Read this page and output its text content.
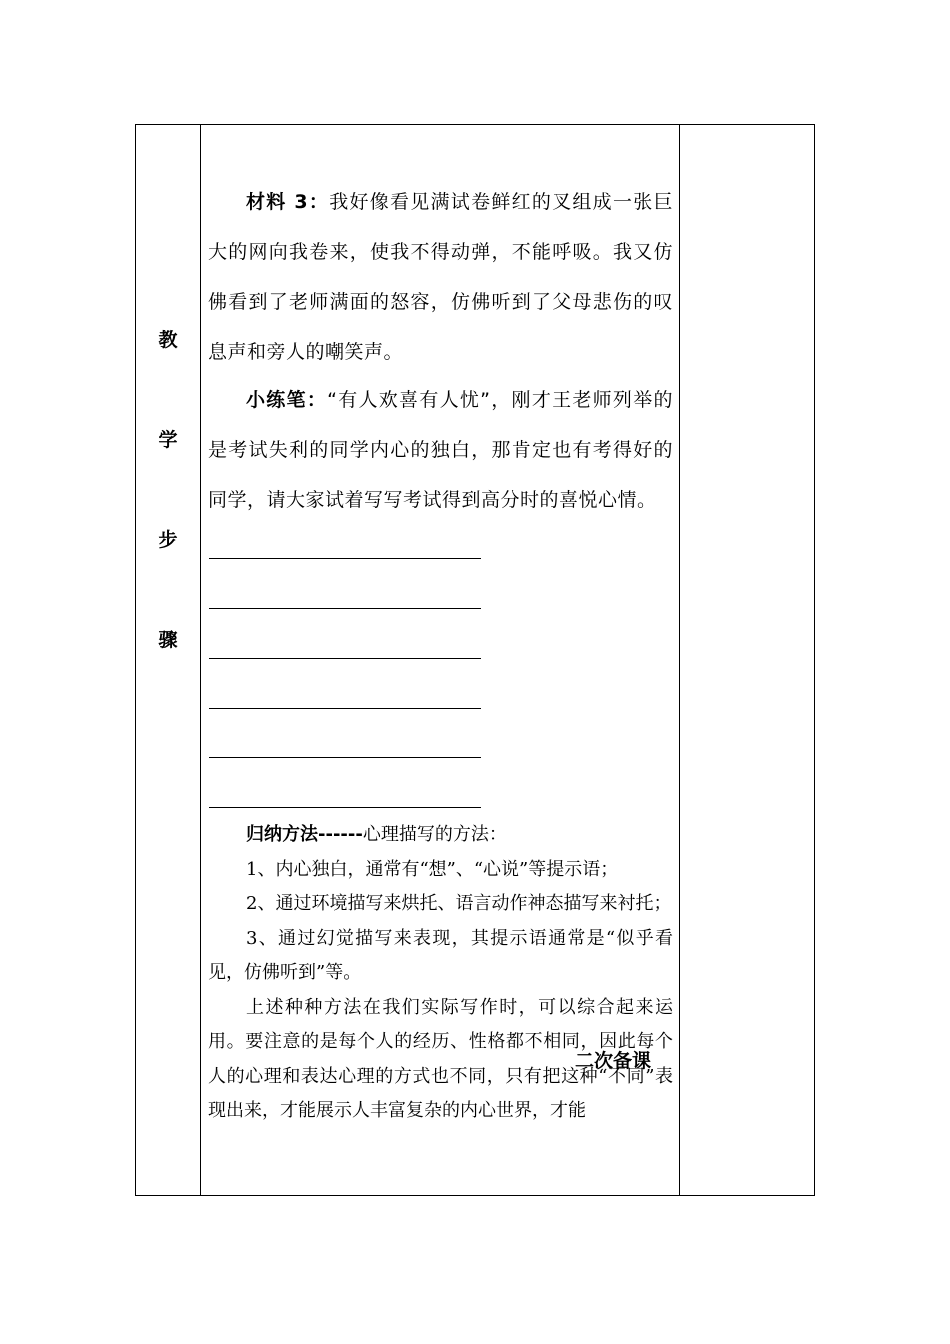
教
学
步
骤

材料 3：我好像看见满试卷鲜红的叉组成一张巨大的网向我卷来，使我不得动弹，不能呼吸。我又仿佛看到了老师满面的怒容，仿佛听到了父母悲伤的叹息声和旁人的嘲笑声。

小练笔：“有人欢喜有人忧”，刚才王老师列举的是考试失利的同学内心的独白，那肯定也有考得好的同学，请大家试着写写考试得到高分时的喜悦心情。

归纳方法------心理描写的方法：

1、内心独白，通常有“想”、“心说”等提示语；

2、通过环境描写来烘托、语言动作神态描写来衬托；

3、通过幻觉描写来表现，其提示语通常是“似乎看见，仿佛听到”等。

上述种种方法在我们实际写作时，可以综合起来运用。要注意的是每个人的经历、性格都不相同，因此每个人的心理和表达心理的方式也不同，只有把这种“不同”表现出来，才能展示人丰富复杂的内心世界，才能

二次备课
